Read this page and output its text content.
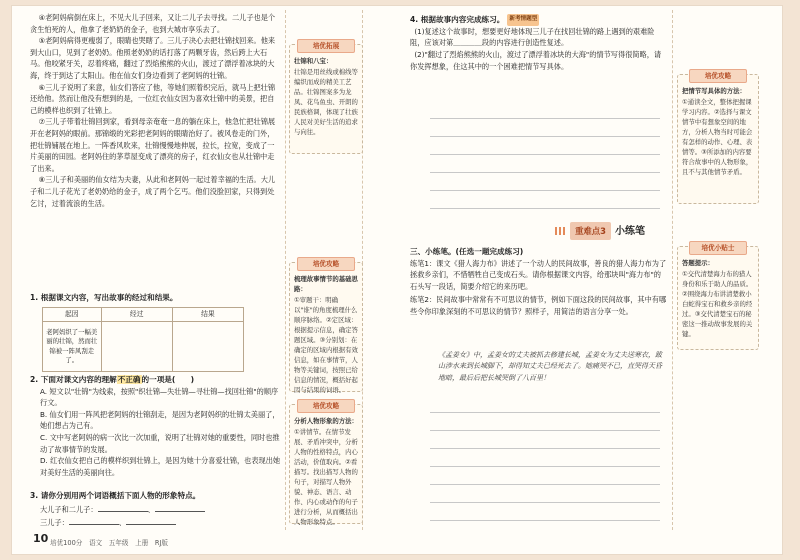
④老阿妈病倒在床上，不见大儿子回来，又让二儿子去寻找。二儿子也是个贪生怕死的人，他拿了老奶奶的金子，也到大城市享乐去了。

⑤老阿妈病得更瘦弱了，眼睛也哭瞎了。三儿子决心去把壮锦找回来。他来到大山口，见到了老奶奶。他照老奶奶的话打落了两颗牙齿，然后跨上大石马。他咬紧牙关，忍着疼痛，翻过了烈焰熊熊的火山，渡过了漂浮着冰块的大海，终于到达了太阳山。他在仙女们身边看到了老阿妈的壮锦。

⑥三儿子说明了来意，仙女们答应了他，等她们照着织完后，就马上把壮锦还给他。然而让他没有想到的是，一位红衣仙女因为喜欢壮锦中的美景，把自己的模样也织到了壮锦上。

⑦三儿子带着壮锦回到家，看到母亲奄奄一息的躺在床上，他急忙把壮锦展开在老阿妈的眼前。那锦缎的光彩把老阿妈的眼睛治好了。被风卷走的门外，把壮锦铺展在地上。一阵香风吹来，壮锦慢慢地伸展，拉长，拉宽，变成了一片美丽的田园。老阿妈住的茅草屋变成了漂亮的房子，红衣仙女也从壮锦中走了出来。

⑧三儿子和美丽的仙女结为夫妻，从此和老阿妈一起过着幸福的生活。大儿子和二儿子花光了老奶奶给的金子，成了两个乞丐。他们没脸回家，只得到处乞讨，过着流浪的生活。

1. 根据课文内容，写出故事的经过和结果。

起因	经过	结果
老阿妈织了一幅美丽的壮锦，然而壮锦被一阵风刮走了。		

2. 下面对课文内容的理解不正确的一项是(　　)

A. 短文以"壮锦"为线索，按照"织壮锦—失壮锦—寻壮锦—找回壮锦"的顺序行文。

B. 仙女们用一阵风把老阿妈的壮锦刮走，是因为老阿妈织的壮锦太美丽了，她们想占为己有。

C. 文中写老阿妈的病一次比一次加重，说明了壮锦对她的重要性，同时也推动了故事情节的发展。

D. 红衣仙女把自己的模样织到壮锦上，是因为她十分喜爱壮锦，也表现出她对美好生活的美丽向往。

3. 请你分别用两个词语概括下面人物的形象特点。

大儿子和二儿子：	、

三儿子：	、

10 培优100分　语文　五年级　上册　RJ版
培优拓展

壮锦和八宝：

壮锦是用丝线或棉线等编织而成的精美工艺品。壮锦图案多为龙凤、花鸟鱼虫、开朗的民族格调，体现了壮族人民对美好生活的追求与向往。

培优攻略

梳理故事情节的基础思路：

①审题干：明确以"谁"的角度梳理什么顺序脉络。②定区域：根据提示信息，确定答题区域。③分别划：在确定的区域内根据有效信息，如在事情节，人物等关键词，按照已给信息的情况，概括好起因与结果的词语。

培优攻略

分析人物形象的方法：

①讲情节。在情节发展、矛盾冲突中，分析人物的性格特点，内心活动，价值取向。②看描写。找出描写人物的句子，对描写人物外貌、神态、语言、动作、内心或动作的句子进行分析，从而概括出人物形象特点。

4. 根据故事内容完成练习。 新考情题型

(1)复述这个故事时，想要更好地体现三儿子在找回壮锦的路上遇到的艰难险阻，应该对第＿＿＿＿段的内容进行创造性复述。

(2)"翻过了烈焰熊熊的火山，渡过了漂浮着冰块的大海"的情节写得很简略，请你发挥想象，住这其中的一个困难把情节写具体。

重难点3 小练笔

三、小练笔。(任选一题完成练习)

练笔1：课文《猎人海力布》讲述了一个动人的民间故事，善良的猎人海力布为了拯救乡亲们，不惜牺牲自己变成石头。请你根据课文内容，给那块叫"海力布"的石头写一段话，简要介绍它的来历吧。

练笔2：民间故事中常常有不可思议的情节，例如下面这段的民间故事，其中有哪些令你印象深刻的不可思议的情节？照样子，用简洁的语言分享一处。

《孟姜女》中，孟姜女的丈夫被抓去修建长城，孟姜女为丈夫送寒衣，跋山涉水来到长城脚下，却得知丈夫已经死去了。她痛哭不已，直哭得天昏地暗，最后后把长城哭倒了八百里！
培优攻略

把情节写具体的方法：

①通读全文，整体把握课学习内容。②选择与课文情节中有想象空间的地方，分析人物当时可能会有怎样的动作、心理、表情等。③所添加的内容要符合故事中的人物形象，且不与其他情节矛盾。

培优小贴士

答题提示：

①交代清楚海力布的猎人身份和乐于助人的品质。②围绕海力布讲清楚救小白蛇得宝石和救乡亲的经过。③交代清楚宝石的秘密这一推动故事发展的关键。
